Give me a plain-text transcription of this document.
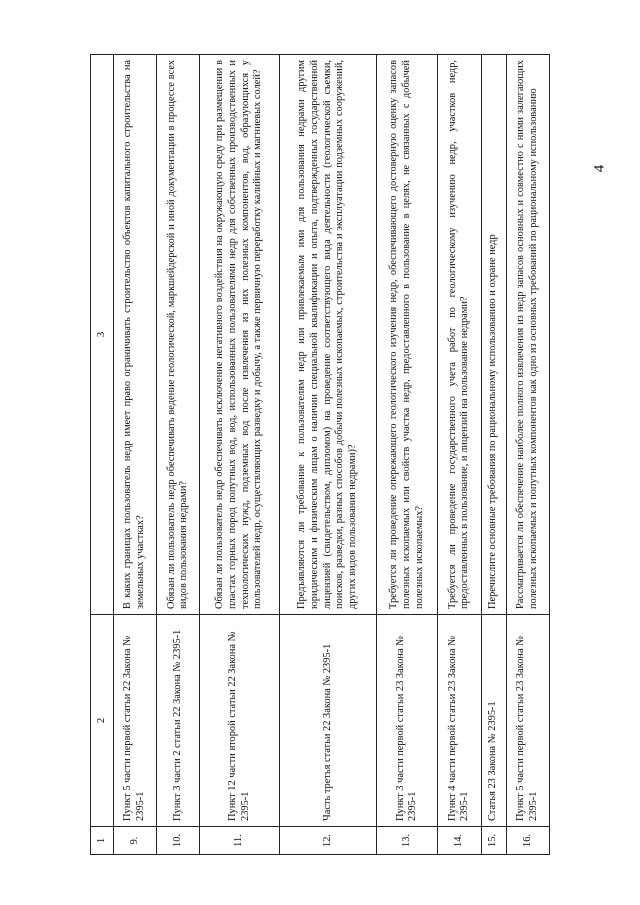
4
1	2	3
9.	Пункт 5 части первой статьи 22 Закона № 2395-1	В каких границах пользователь недр имеет право ограничивать строительство объектов капитального строительства на земельных участках?
10.	Пункт 3 части 2 статьи 22 Закона № 2395-1	Обязан ли пользователь недр обеспечивать ведение геологической, маркшейдерской и иной документации в процессе всех видов пользования недрами?
11.	Пункт 12 части второй статьи 22 Закона № 2395-1	Обязан ли пользователь недр обеспечивать исключение негативного воздействия на окружающую среду при размещении в пластах горных пород попутных вод, вод, использованных пользователями недр для собственных производственных и технологических нужд, подземных вод после извлечения из них полезных компонентов, вод, образующихся у пользователей недр, осуществляющих разведку и добычу, а также первичную переработку калийных и магниевых солей?
12.	Часть третья статьи 22 Закона № 2395-1	Предъявляются ли требование к пользователям недр или привлекаемым ими для пользования недрами другим юридическим и физическим лицам о наличии специальной квалификации и опыта, подтвержденных государственной лицензией (свидетельством, дипломом) на проведение соответствующего вида деятельности (геологической съемки, поисков, разведки, разных способов добычи полезных ископаемых, строительства и эксплуатации подземных сооружений, других видов пользования недрами)?
13.	Пункт 3 части первой статьи 23 Закона № 2395-1	Требуется ли проведение опережающего геологического изучения недр, обеспечивающего достоверную оценку запасов полезных ископаемых или свойств участка недр, предоставленного в пользование в целях, не связанных с добычей полезных ископаемых?
14.	Пункт 4 части первой статьи 23 Закона № 2395-1	Требуется ли проведение государственного учета работ по геологическому изучению недр, участков недр, предоставленных в пользование, и лицензий на пользование недрами?
15.	Статья 23 Закона № 2395-1	Перечислите основные требования по рациональному использованию и охране недр
16.	Пункт 5 части первой статьи 23 Закона № 2395-1	Рассматривается ли обеспечение наиболее полного извлечения из недр запасов основных и совместно с ними залегающих полезных ископаемых и попутных компонентов как одно из основных требований по рациональному использованию
